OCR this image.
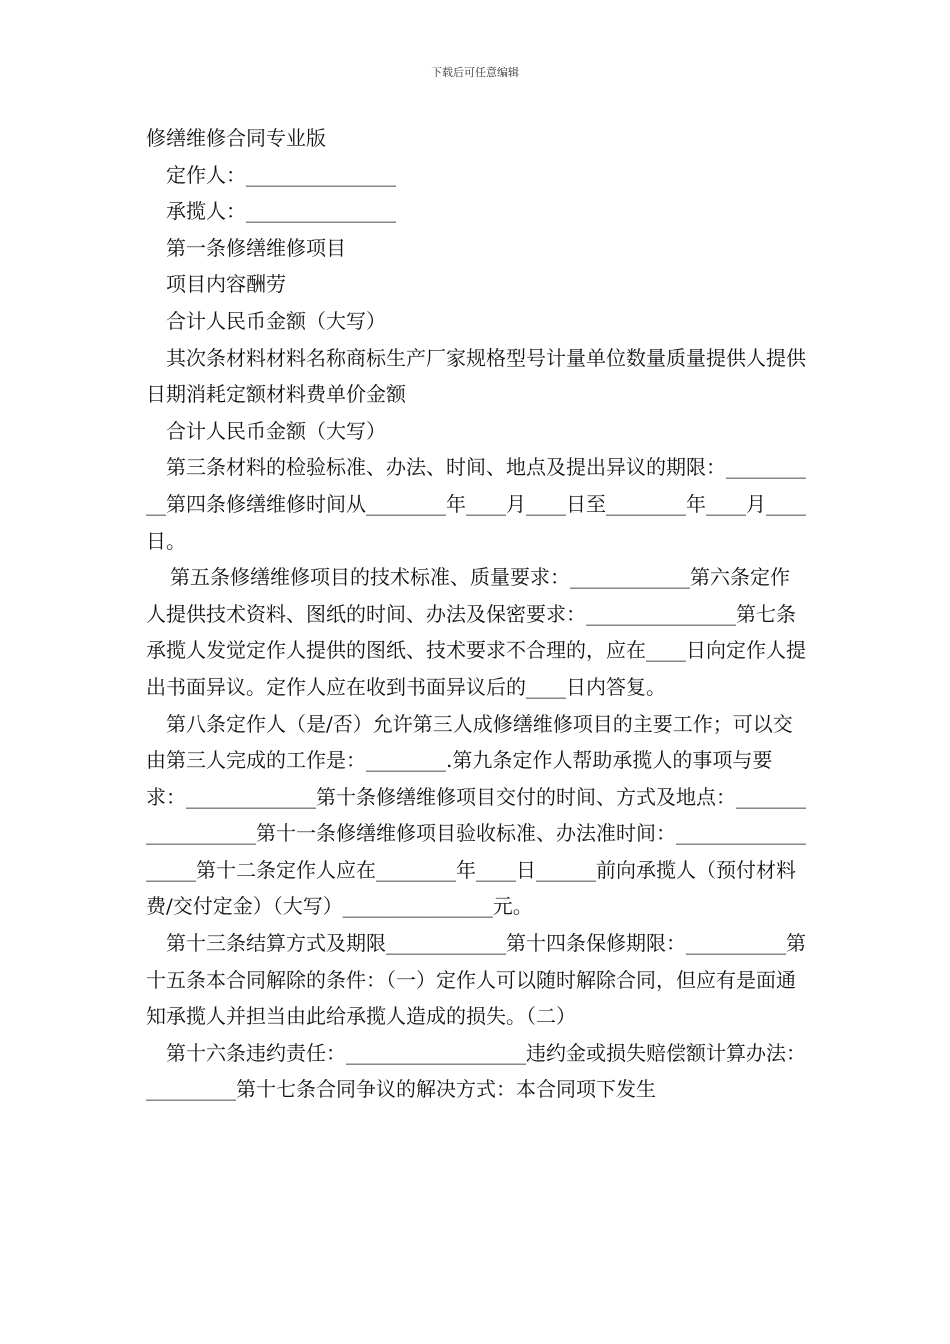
下载后可任意编辑

修缮维修合同专业版

定作人：_______________

承揽人：_______________

第一条修缮维修项目

项目内容酬劳

合计人民币金额（大写）

其次条材料材料名称商标生产厂家规格型号计量单位数量质量提供人提供日期消耗定额材料费单价金额

合计人民币金额（大写）

第三条材料的检验标准、办法、时间、地点及提出异议的期限：__________第四条修缮维修时间从________年____月____日至________年____月____日。

第五条修缮维修项目的技术标准、质量要求：____________第六条定作人提供技术资料、图纸的时间、办法及保密要求：_______________第七条承揽人发觉定作人提供的图纸、技术要求不合理的，应在____日向定作人提出书面异议。定作人应在收到书面异议后的____日内答复。

第八条定作人（是/否）允许第三人成修缮维修项目的主要工作；可以交由第三人完成的工作是：________.第九条定作人帮助承揽人的事项与要求：_____________第十条修缮维修项目交付的时间、方式及地点：__________________第十一条修缮维修项目验收标准、办法准时间：__________________第十二条定作人应在________年____日______前向承揽人（预付材料费/交付定金）（大写）_______________元。

第十三条结算方式及期限____________第十四条保修期限：__________第十五条本合同解除的条件：（一）定作人可以随时解除合同，但应有是面通知承揽人并担当由此给承揽人造成的损失。（二）

第十六条违约责任：__________________违约金或损失赔偿额计算办法：_________第十七条合同争议的解决方式：本合同项下发生
